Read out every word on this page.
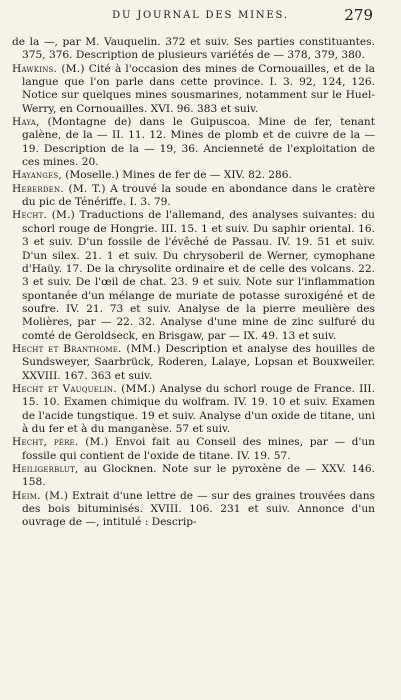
DU JOURNAL DES MINES.	279

de la —, par M. Vauquelin. 372 et suiv. Ses parties constituantes. 375, 376. Description de plusieurs variétés de — 378, 379, 380.

Hawkins. (M.) Cité à l'occasion des mines de Cornouailles, et de la langue que l'on parle dans cette province. I. 3. 92, 124, 126. Notice sur quelques mines sousmarines, notamment sur le Huel-Werry, en Cornouailles. XVI. 96. 383 et suiv.

Haya, (Montagne de) dans le Guipuscoa. Mine de fer, tenant galène, de la — II. 11. 12. Mines de plomb et de cuivre de la — 19. Description de la — 19, 36. Ancienneté de l'exploitation de ces mines. 20.

Hayanges, (Moselle.) Mines de fer de — XIV. 82. 286.

Heberden. (M. T.) A trouvé la soude en abondance dans le cratère du pic de Ténériffe. I. 3. 79.

Hecht. (M.) Traductions de l'allemand, des analyses suivantes: du schorl rouge de Hongrie. III. 15. 1 et suiv. Du saphir oriental. 16. 3 et suiv. D'un fossile de l'évêché de Passau. IV. 19. 51 et suiv. D'un silex. 21. 1 et suiv. Du chrysoberil de Werner, cymophane d'Haüy. 17. De la chrysolite ordinaire et de celle des volcans. 22. 3 et suiv. De l'œil de chat. 23. 9 et suiv. Note sur l'inflammation spontanée d'un mélange de muriate de potasse suroxigéné et de soufre. IV. 21. 73 et suiv. Analyse de la pierre meulière des Molières, par — 22. 32. Analyse d'une mine de zinc sulfuré du comté de Geroldseck, en Brisgaw, par — IX. 49. 13 et suiv.

Hecht et Branthome. (MM.) Description et analyse des houilles de Sundsweyer, Saarbrück, Roderen, Lalaye, Lopsan et Bouxweiler. XXVIII. 167. 363 et suiv.

Hecht et Vauquelin. (MM.) Analyse du schorl rouge de France. III. 15. 10. Examen chimique du wolfram. IV. 19. 10 et suiv. Examen de l'acide tungstique. 19 et suiv. Analyse d'un oxide de titane, uni à du fer et à du manganèse. 57 et suiv.

Hecht, père. (M.) Envoi fait au Conseil des mines, par — d'un fossile qui contient de l'oxide de titane. IV. 19. 57.

Heiligerblut, au Glocknen. Note sur le pyroxène de — XXV. 146. 158.

Heim. (M.) Extrait d'une lettre de — sur des graines trouvées dans des bois bituminisés. XVIII. 106. 231 et suiv. Annonce d'un ouvrage de —, intitulé : Descrip-
